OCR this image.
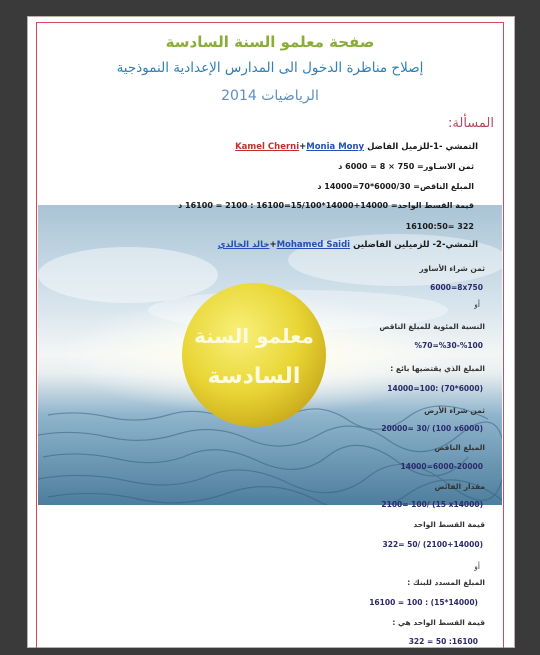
معلمو السنة
السادسة
صفحة معلمو السنة السادسة
إصلاح مناظرة الدخول الى المدارس الإعدادية النموذجية
الرياضيات 2014
المسألة:
التمشي -1-للزميل الفاضل Kamel Cherni+Monia Mony
ثمن الاسـاور= 750 × 8 = 6000 د
المبلغ الناقص= 6000/30*70=14000 د
قيمة القسط الواحد= 14000+14000*15/100=16100 : 2100 = 16100 د
322 =16100:50
التمشي-2- للزميلين الفاضلين Mohamed Saidi+خالد الخالدي
ثمن شراء الأساور
6000=8x750
أو
النسبة المئوية للمبلغ الناقص
%70=%30-%100
المبلغ الذي يقتضيها بائع :
14000=100: (70*6000)
ثمن شراء الأرض
20000= 30/ (100 x6000)
المبلغ الناقص
14000=6000-20000
مقدار الفائض
2100= 100/ (15 x14000)
قيمة القسط الواحد
322= 50/ (2100+14000)
أو
المبلغ المسدد للبنك :
16100 = 100 : (15*14000)
قيمة القسط الواحد هي :
322 = 50 :16100
